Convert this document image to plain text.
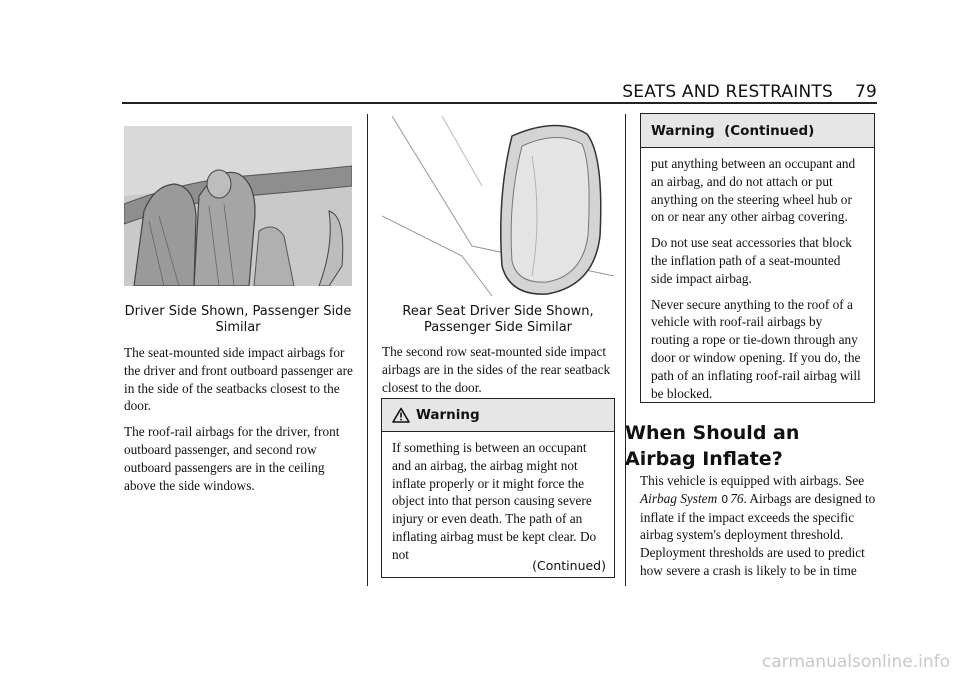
SEATS AND RESTRAINTS 79
Driver Side Shown, Passenger Side Similar

The seat-mounted side impact airbags for the driver and front outboard passenger are in the side of the seatbacks closest to the door.

The roof-rail airbags for the driver, front outboard passenger, and second row outboard passengers are in the ceiling above the side windows.

Rear Seat Driver Side Shown, Passenger Side Similar
The second row seat-mounted side impact airbags are in the sides of the rear seatback closest to the door.
Warning

If something is between an occupant and an airbag, the airbag might not inflate properly or it might force the object into that person causing severe injury or even death. The path of an inflating airbag must be kept clear. Do not

(Continued)
Warning  (Continued)

put anything between an occupant and an airbag, and do not attach or put anything on the steering wheel hub or on or near any other airbag covering.

Do not use seat accessories that block the inflation path of a seat-mounted side impact airbag.

Never secure anything to the roof of a vehicle with roof-rail airbags by routing a rope or tie-down through any door or window opening. If you do, the path of an inflating roof-rail airbag will be blocked.

When Should an Airbag Inflate?

This vehicle is equipped with airbags. See Airbag System 0 76. Airbags are designed to inflate if the impact exceeds the specific airbag system's deployment threshold. Deployment thresholds are used to predict how severe a crash is likely to be in time

carmanualsonline.info
